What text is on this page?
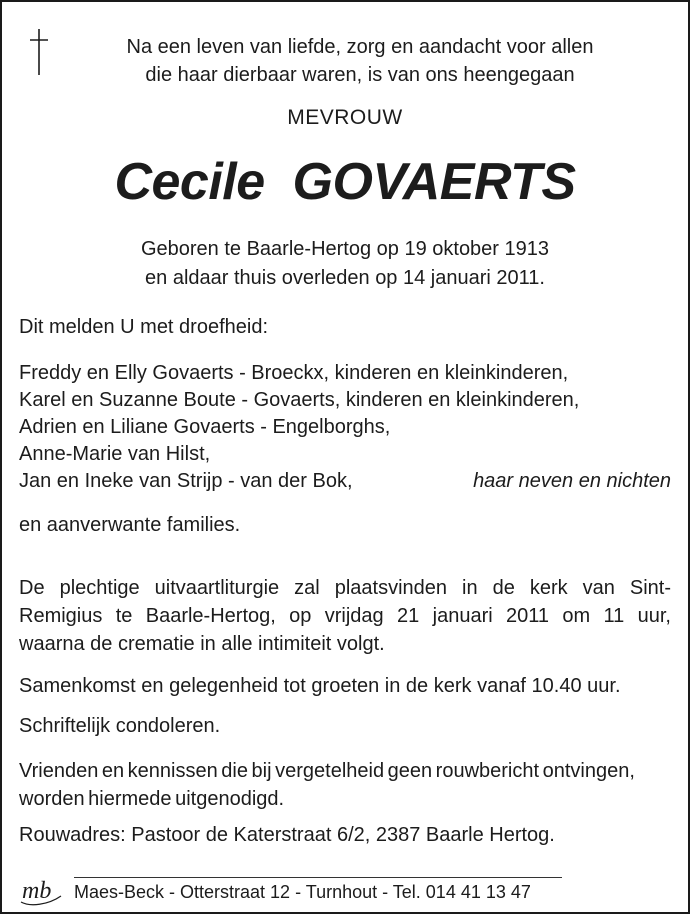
Na een leven van liefde, zorg en aandacht voor allen
die haar dierbaar waren, is van ons heengegaan
MEVROUW
Cecile  GOVAERTS
Geboren te Baarle-Hertog op 19 oktober 1913
en aldaar thuis overleden op 14 januari 2011.
Dit melden U met droefheid:
Freddy en Elly Govaerts - Broeckx, kinderen en kleinkinderen,
Karel en Suzanne Boute - Govaerts, kinderen en kleinkinderen,
Adrien en Liliane Govaerts - Engelborghs,
Anne-Marie van Hilst,
Jan en Ineke van Strijp - van der Bok,	haar neven en nichten
en aanverwante families.
De plechtige uitvaartliturgie zal plaatsvinden in de kerk van Sint-
Remigius te Baarle-Hertog, op vrijdag 21 januari 2011 om 11 uur,
waarna de crematie in alle intimiteit volgt.
Samenkomst en gelegenheid tot groeten in de kerk vanaf 10.40 uur.
Schriftelijk condoleren.
Vrienden en kennissen die bij vergetelheid geen rouwbericht ontvingen,
worden hiermede uitgenodigd.
Rouwadres: Pastoor de Katerstraat 6/2, 2387 Baarle Hertog.
mb Maes-Beck - Otterstraat 12 - Turnhout - Tel. 014 41 13 47
